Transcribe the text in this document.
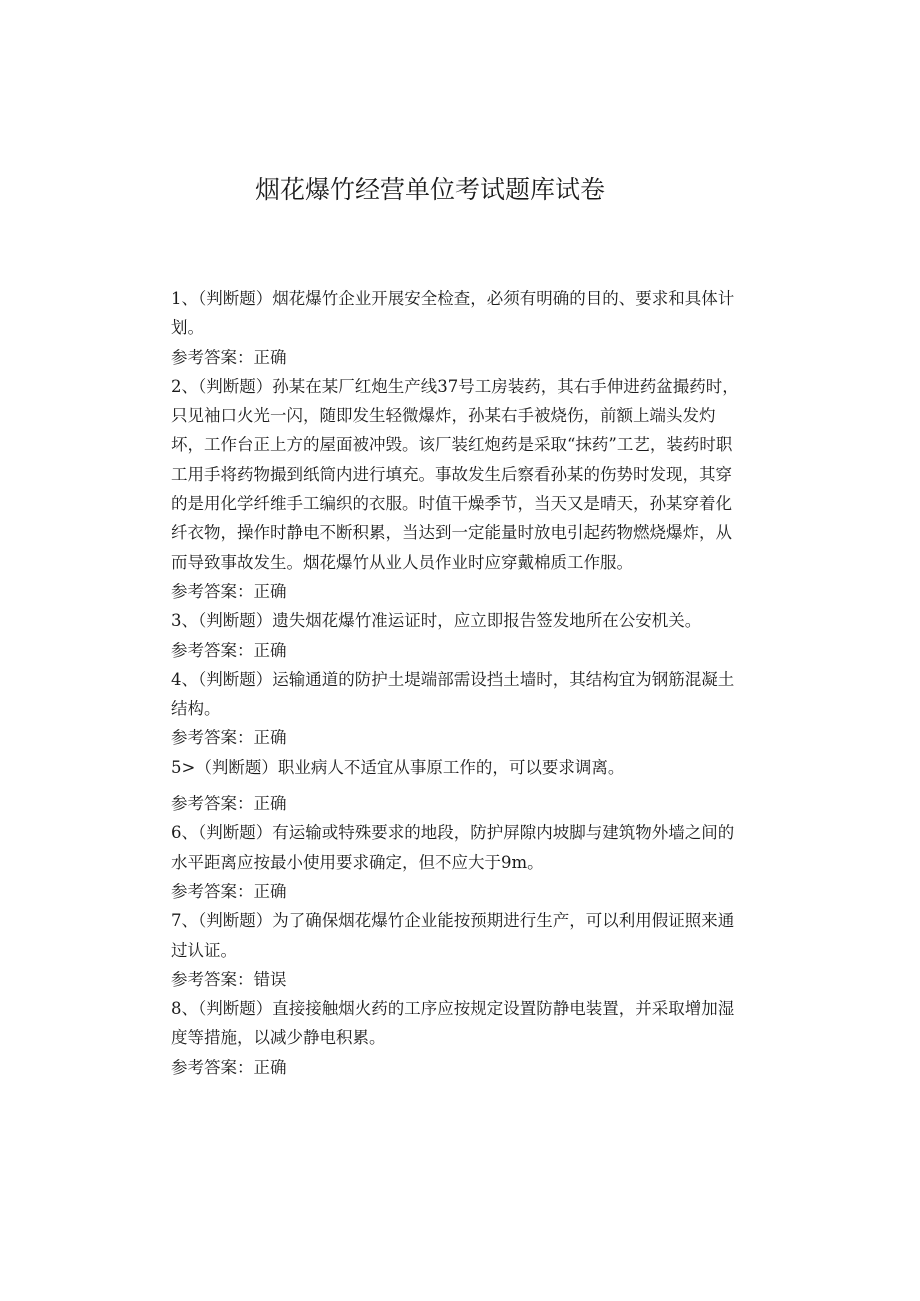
烟花爆竹经营单位考试题库试卷

1、（判断题）烟花爆竹企业开展安全检查，必须有明确的目的、要求和具体计划。

参考答案：正确

2、（判断题）孙某在某厂红炮生产线37号工房装药，其右手伸进药盆撮药时，只见袖口火光一闪，随即发生轻微爆炸，孙某右手被烧伤，前额上端头发灼坏，工作台正上方的屋面被冲毁。该厂装红炮药是采取“抹药”工艺，装药时职工用手将药物撮到纸筒内进行填充。事故发生后察看孙某的伤势时发现，其穿的是用化学纤维手工编织的衣服。时值干燥季节，当天又是晴天，孙某穿着化纤衣物，操作时静电不断积累，当达到一定能量时放电引起药物燃烧爆炸，从而导致事故发生。烟花爆竹从业人员作业时应穿戴棉质工作服。

参考答案：正确

3、（判断题）遗失烟花爆竹准运证时，应立即报告签发地所在公安机关。

参考答案：正确

4、（判断题）运输通道的防护土堤端部需设挡土墙时，其结构宜为钢筋混凝土结构。

参考答案：正确

5>（判断题）职业病人不适宜从事原工作的，可以要求调离。

参考答案：正确

6、（判断题）有运输或特殊要求的地段，防护屏隙内坡脚与建筑物外墙之间的水平距离应按最小使用要求确定，但不应大于9m。

参考答案：正确

7、（判断题）为了确保烟花爆竹企业能按预期进行生产，可以利用假证照来通过认证。

参考答案：错误

8、（判断题）直接接触烟火药的工序应按规定设置防静电装置，并采取增加湿度等措施，以减少静电积累。

参考答案：正确
